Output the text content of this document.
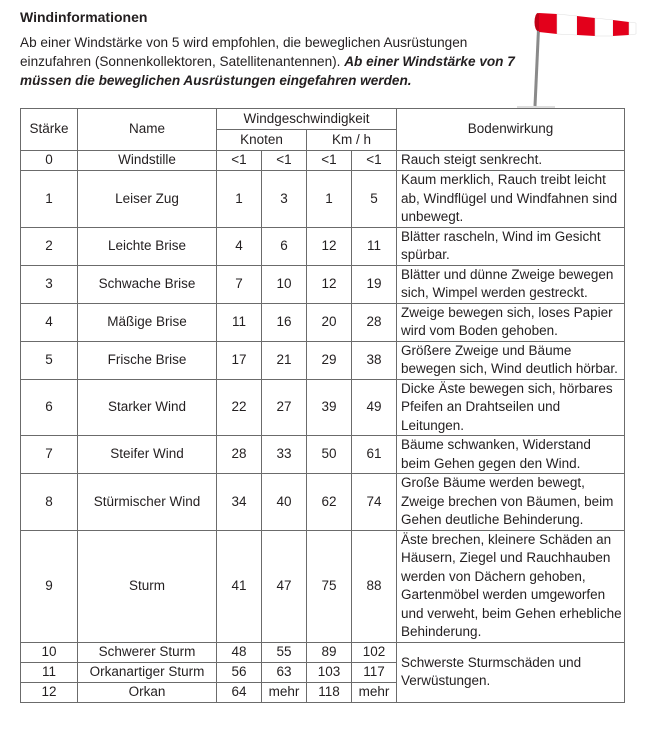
Windinformationen

Ab einer Windstärke von 5 wird empfohlen, die beweglichen Ausrüstungen einzufahren (Sonnenkollektoren, Satellitenantennen). Ab einer Windstärke von 7 müssen die beweglichen Ausrüstungen eingefahren werden.

Stärke	Name	Windgeschwindigkeit				Bodenwirkung
		Knoten		Km / h		
0	Windstille	<1	<1	<1	<1	Rauch steigt senkrecht.
1	Leiser Zug	1	3	1	5	Kaum merklich, Rauch treibt leicht ab, Windflügel und Windfahnen sind unbewegt.
2	Leichte Brise	4	6	12	11	Blätter rascheln, Wind im Gesicht spürbar.
3	Schwache Brise	7	10	12	19	Blätter und dünne Zweige bewegen sich, Wimpel werden gestreckt.
4	Mäßige Brise	11	16	20	28	Zweige bewegen sich, loses Papier wird vom Boden gehoben.
5	Frische Brise	17	21	29	38	Größere Zweige und Bäume bewegen sich, Wind deutlich hörbar.
6	Starker Wind	22	27	39	49	Dicke Äste bewegen sich, hörbares Pfeifen an Drahtseilen und Leitungen.
7	Steifer Wind	28	33	50	61	Bäume schwanken, Widerstand beim Gehen gegen den Wind.
8	Stürmischer Wind	34	40	62	74	Große Bäume werden bewegt, Zweige brechen von Bäumen, beim Gehen deutliche Behinderung.
9	Sturm	41	47	75	88	Äste brechen, kleinere Schäden an Häusern, Ziegel und Rauchhauben werden von Dächern gehoben, Gartenmöbel werden umgeworfen und verweht, beim Gehen erhebliche Behinderung.
10	Schwerer Sturm	48	55	89	102	Schwerste Sturmschäden und Verwüstungen.
11	Orkanartiger Sturm	56	63	103	117	
12	Orkan	64	mehr	118	mehr	
